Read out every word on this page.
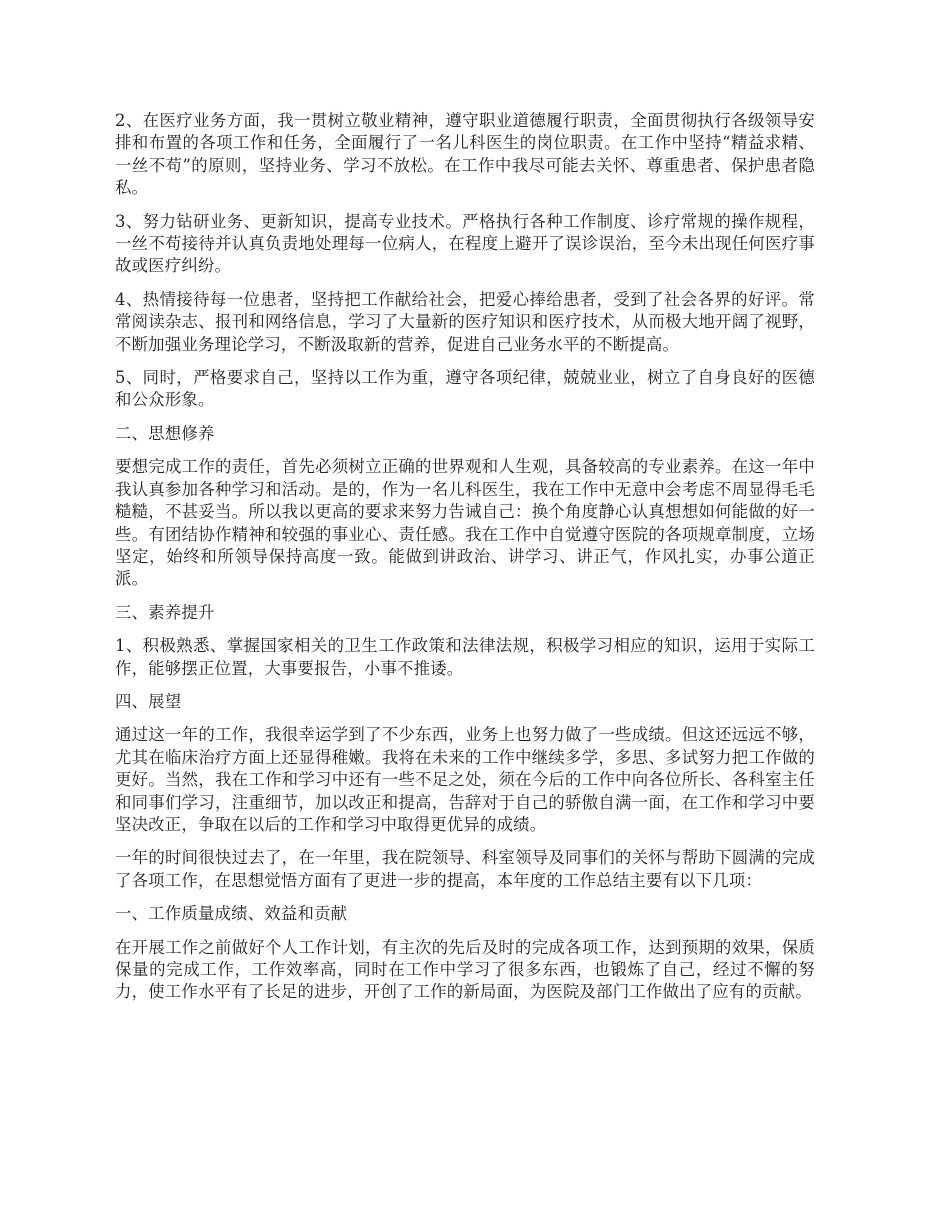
2、在医疗业务方面，我一贯树立敬业精神，遵守职业道德履行职责，全面贯彻执行各级领导安排和布置的各项工作和任务，全面履行了一名儿科医生的岗位职责。在工作中坚持“精益求精、一丝不苟”的原则，坚持业务、学习不放松。在工作中我尽可能去关怀、尊重患者、保护患者隐私。

3、努力钻研业务、更新知识，提高专业技术。严格执行各种工作制度、诊疗常规的操作规程，一丝不苟接待并认真负责地处理每一位病人，在程度上避开了误诊误治，至今未出现任何医疗事故或医疗纠纷。

4、热情接待每一位患者，坚持把工作献给社会，把爱心捧给患者，受到了社会各界的好评。常常阅读杂志、报刊和网络信息，学习了大量新的医疗知识和医疗技术，从而极大地开阔了视野，不断加强业务理论学习，不断汲取新的营养，促进自己业务水平的不断提高。

5、同时，严格要求自己，坚持以工作为重，遵守各项纪律，兢兢业业，树立了自身良好的医德和公众形象。

二、思想修养

要想完成工作的责任，首先必须树立正确的世界观和人生观，具备较高的专业素养。在这一年中我认真参加各种学习和活动。是的，作为一名儿科医生，我在工作中无意中会考虑不周显得毛毛糙糙，不甚妥当。所以我以更高的要求来努力告诫自己：换个角度静心认真想想如何能做的好一些。有团结协作精神和较强的事业心、责任感。我在工作中自觉遵守医院的各项规章制度，立场坚定，始终和所领导保持高度一致。能做到讲政治、讲学习、讲正气，作风扎实，办事公道正派。

三、素养提升

1、积极熟悉、掌握国家相关的卫生工作政策和法律法规，积极学习相应的知识，运用于实际工作，能够摆正位置，大事要报告，小事不推诿。

四、展望

通过这一年的工作，我很幸运学到了不少东西，业务上也努力做了一些成绩。但这还远远不够，尤其在临床治疗方面上还显得稚嫩。我将在未来的工作中继续多学，多思、多试努力把工作做的更好。当然，我在工作和学习中还有一些不足之处，须在今后的工作中向各位所长、各科室主任和同事们学习，注重细节，加以改正和提高，告辞对于自己的骄傲自满一面，在工作和学习中要坚决改正，争取在以后的工作和学习中取得更优异的成绩。

一年的时间很快过去了，在一年里，我在院领导、科室领导及同事们的关怀与帮助下圆满的完成了各项工作，在思想觉悟方面有了更进一步的提高，本年度的工作总结主要有以下几项：

一、工作质量成绩、效益和贡献

在开展工作之前做好个人工作计划，有主次的先后及时的完成各项工作，达到预期的效果，保质保量的完成工作，工作效率高，同时在工作中学习了很多东西，也锻炼了自己，经过不懈的努力，使工作水平有了长足的进步，开创了工作的新局面，为医院及部门工作做出了应有的贡献。
